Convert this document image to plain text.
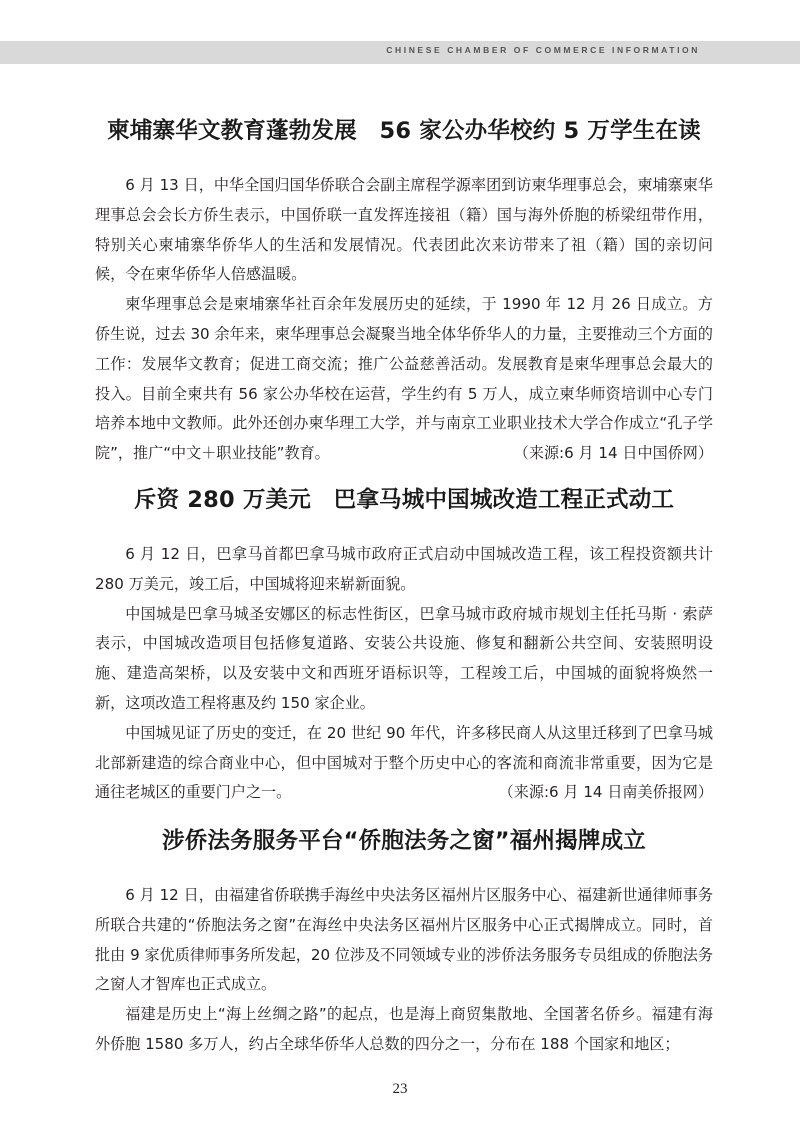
CHINESE CHAMBER OF COMMERCE INFORMATION
柬埔寨华文教育蓬勃发展　56 家公办华校约 5 万学生在读

6 月 13 日，中华全国归国华侨联合会副主席程学源率团到访柬华理事总会，柬埔寨柬华理事总会会长方侨生表示，中国侨联一直发挥连接祖（籍）国与海外侨胞的桥梁纽带作用，特别关心柬埔寨华侨华人的生活和发展情况。代表团此次来访带来了祖（籍）国的亲切问候，令在柬华侨华人倍感温暖。

柬华理事总会是柬埔寨华社百余年发展历史的延续，于 1990 年 12 月 26 日成立。方侨生说，过去 30 余年来，柬华理事总会凝聚当地全体华侨华人的力量，主要推动三个方面的工作：发展华文教育；促进工商交流；推广公益慈善活动。发展教育是柬华理事总会最大的投入。目前全柬共有 56 家公办华校在运营，学生约有 5 万人，成立柬华师资培训中心专门培养本地中文教师。此外还创办柬华理工大学，并与南京工业职业技术大学合作成立“孔子学院”，推广“中文＋职业技能”教育。	（来源:6 月 14 日中国侨网）

斥资 280 万美元　巴拿马城中国城改造工程正式动工

6 月 12 日，巴拿马首都巴拿马城市政府正式启动中国城改造工程，该工程投资额共计 280 万美元，竣工后，中国城将迎来崭新面貌。

中国城是巴拿马城圣安娜区的标志性街区，巴拿马城市政府城市规划主任托马斯 · 索萨表示，中国城改造项目包括修复道路、安装公共设施、修复和翻新公共空间、安装照明设施、建造高架桥，以及安装中文和西班牙语标识等，工程竣工后，中国城的面貌将焕然一新，这项改造工程将惠及约 150 家企业。

中国城见证了历史的变迁，在 20 世纪 90 年代，许多移民商人从这里迁移到了巴拿马城北部新建造的综合商业中心，但中国城对于整个历史中心的客流和商流非常重要，因为它是通往老城区的重要门户之一。	（来源:6 月 14 日南美侨报网）

涉侨法务服务平台“侨胞法务之窗”福州揭牌成立

6 月 12 日，由福建省侨联携手海丝中央法务区福州片区服务中心、福建新世通律师事务所联合共建的“侨胞法务之窗”在海丝中央法务区福州片区服务中心正式揭牌成立。同时，首批由 9 家优质律师事务所发起，20 位涉及不同领域专业的涉侨法务服务专员组成的侨胞法务之窗人才智库也正式成立。

福建是历史上“海上丝绸之路”的起点，也是海上商贸集散地、全国著名侨乡。福建有海外侨胞 1580 多万人，约占全球华侨华人总数的四分之一，分布在 188 个国家和地区；

23
